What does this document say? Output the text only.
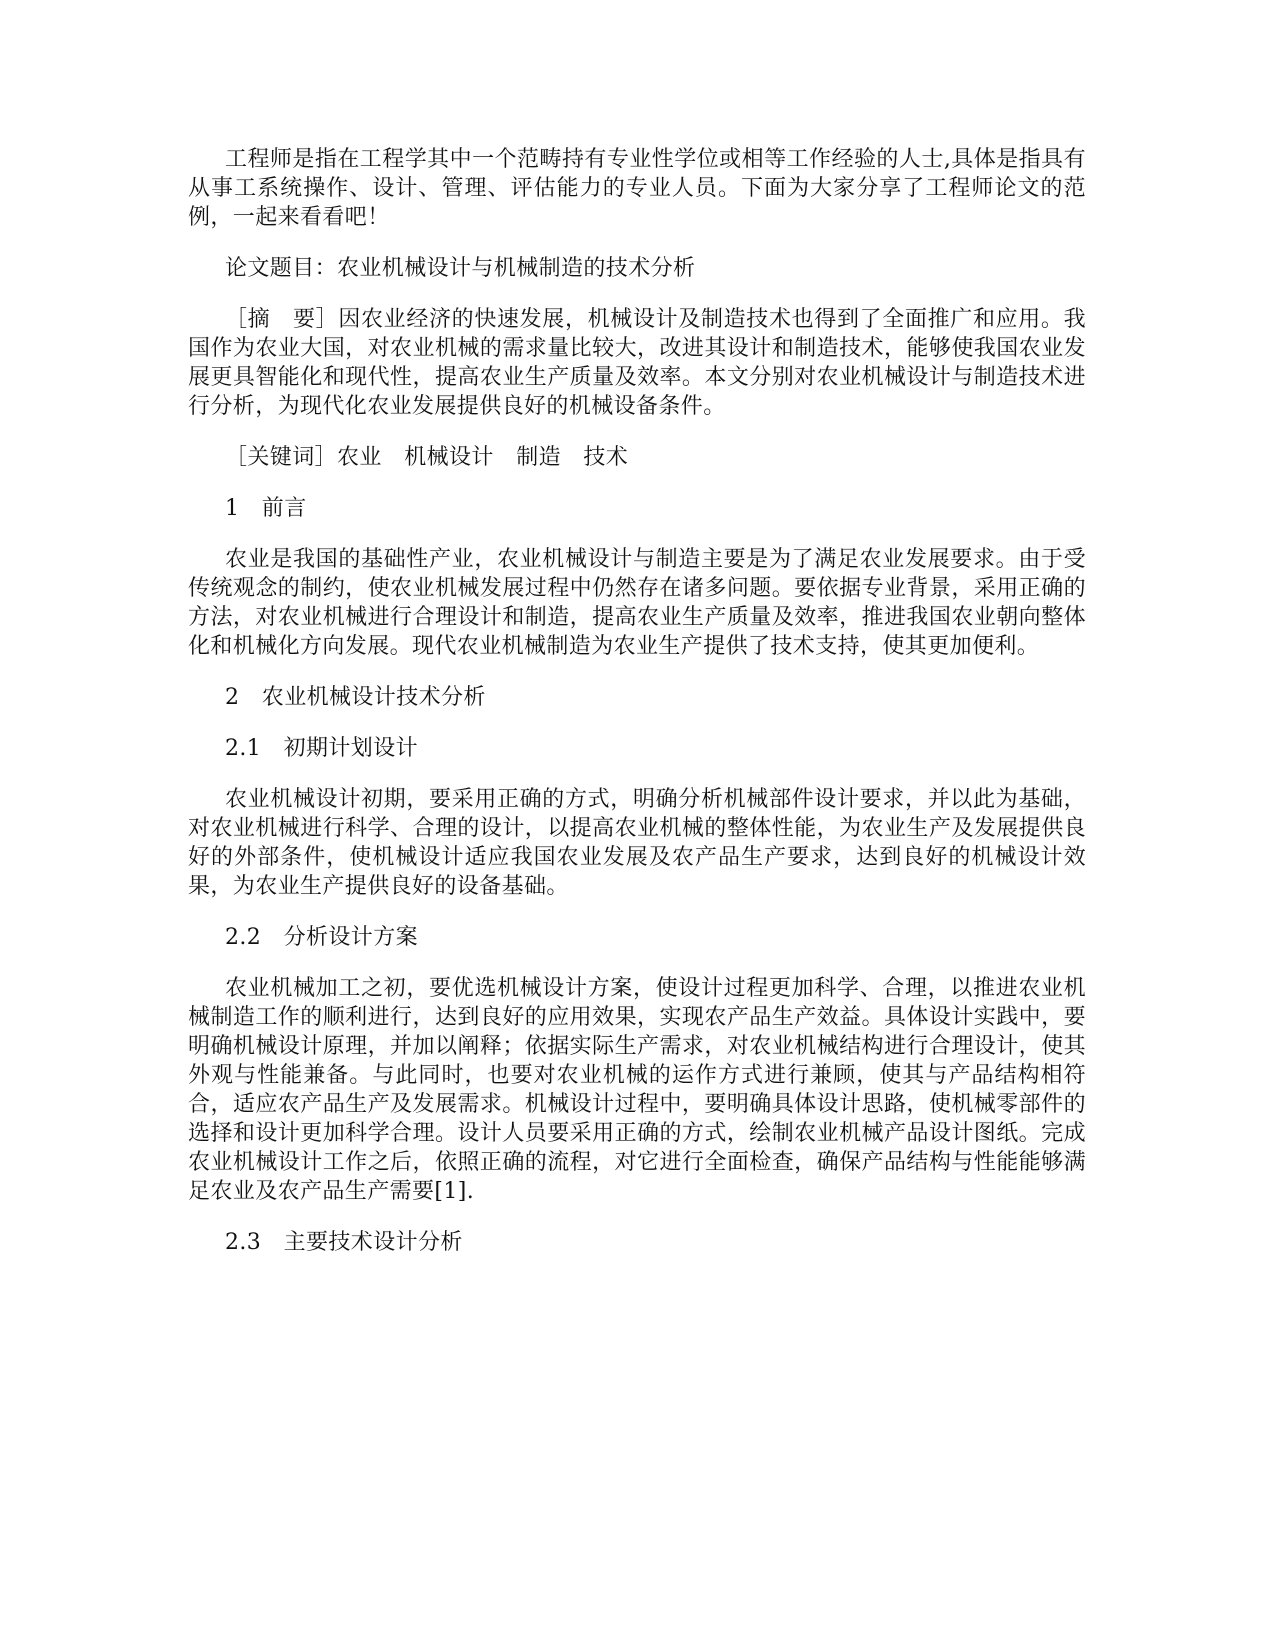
工程师是指在工程学其中一个范畴持有专业性学位或相等工作经验的人士,具体是指具有从事工系统操作、设计、管理、评估能力的专业人员。下面为大家分享了工程师论文的范例，一起来看看吧！

论文题目：农业机械设计与机械制造的技术分析

［摘　要］因农业经济的快速发展，机械设计及制造技术也得到了全面推广和应用。我国作为农业大国，对农业机械的需求量比较大，改进其设计和制造技术，能够使我国农业发展更具智能化和现代性，提高农业生产质量及效率。本文分别对农业机械设计与制造技术进行分析，为现代化农业发展提供良好的机械设备条件。

［关键词］农业　机械设计　制造　技术

1　前言

农业是我国的基础性产业，农业机械设计与制造主要是为了满足农业发展要求。由于受传统观念的制约，使农业机械发展过程中仍然存在诸多问题。要依据专业背景，采用正确的方法，对农业机械进行合理设计和制造，提高农业生产质量及效率，推进我国农业朝向整体化和机械化方向发展。现代农业机械制造为农业生产提供了技术支持，使其更加便利。

2　农业机械设计技术分析

2.1　初期计划设计

农业机械设计初期，要采用正确的方式，明确分析机械部件设计要求，并以此为基础，对农业机械进行科学、合理的设计，以提高农业机械的整体性能，为农业生产及发展提供良好的外部条件，使机械设计适应我国农业发展及农产品生产要求，达到良好的机械设计效果，为农业生产提供良好的设备基础。

2.2　分析设计方案

农业机械加工之初，要优选机械设计方案，使设计过程更加科学、合理，以推进农业机械制造工作的顺利进行，达到良好的应用效果，实现农产品生产效益。具体设计实践中，要明确机械设计原理，并加以阐释；依据实际生产需求，对农业机械结构进行合理设计，使其外观与性能兼备。与此同时，也要对农业机械的运作方式进行兼顾，使其与产品结构相符合，适应农产品生产及发展需求。机械设计过程中，要明确具体设计思路，使机械零部件的选择和设计更加科学合理。设计人员要采用正确的方式，绘制农业机械产品设计图纸。完成农业机械设计工作之后，依照正确的流程，对它进行全面检查，确保产品结构与性能能够满足农业及农产品生产需要[1].

2.3　主要技术设计分析
